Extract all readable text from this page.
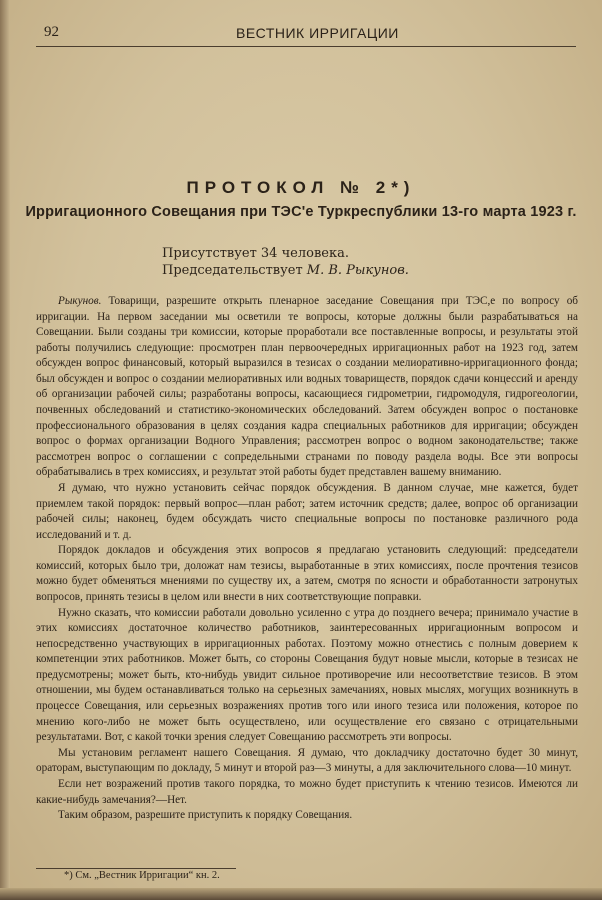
92	ВЕСТНИК ИРРИГАЦИИ
ПРОТОКОЛ № 2*)
Ирригационного Совещания при ТЭС'е Туркреспублики 13-го марта 1923 г.
Присутствует 34 человека.
Председательствует М. В. Рыкунов.

Рыкунов. Товарищи, разрешите открыть пленарное заседание Совещания при ТЭС,е по вопросу об ирригации. На первом заседании мы осветили те вопросы, которые должны были разрабатываться на Совещании. Были созданы три комиссии, которые проработали все поставленные вопросы, и результаты этой работы получились следующие: просмотрен план первоочередных ирригационных работ на 1923 год, затем обсужден вопрос финансовый, который выразился в тезисах о создании мелиоративно-ирригационного фонда; был обсужден и вопрос о создании мелиоративных или водных товариществ, порядок сдачи концессий и аренду об организации рабочей силы; разработаны вопросы, касающиеся гидрометрии, гидромодуля, гидрогеологии, почвенных обследований и статистико-экономических обследований. Затем обсужден вопрос о постановке профессионального образования в целях создания кадра специальных работников для ирригации; обсужден вопрос о формах организации Водного Управления; рассмотрен вопрос о водном законодательстве; также рассмотрен вопрос о соглашении с сопредельными странами по поводу раздела воды. Все эти вопросы обрабатывались в трех комиссиях, и результат этой работы будет представлен вашему вниманию.

Я думаю, что нужно установить сейчас порядок обсуждения. В данном случае, мне кажется, будет приемлем такой порядок: первый вопрос—план работ; затем источник средств; далее, вопрос об организации рабочей силы; наконец, будем обсуждать чисто специальные вопросы по постановке различного рода исследований и т. д.

Порядок докладов и обсуждения этих вопросов я предлагаю установить следующий: председатели комиссий, которых было три, доложат нам тезисы, выработанные в этих комиссиях, после прочтения тезисов можно будет обменяться мнениями по существу их, а затем, смотря по ясности и обработанности затронутых вопросов, принять тезисы в целом или внести в них соответствующие поправки.

Нужно сказать, что комиссии работали довольно усиленно с утра до позднего вечера; принимало участие в этих комиссиях достаточное количество работников, заинтересованных ирригационным вопросом и непосредственно участвующих в ирригационных работах. Поэтому можно отнестись с полным доверием к компетенции этих работников. Может быть, со стороны Совещания будут новые мысли, которые в тезисах не предусмотрены; может быть, кто-нибудь увидит сильное противоречие или несоответствие тезисов. В этом отношении, мы будем останавливаться только на серьезных замечаниях, новых мыслях, могущих возникнуть в процессе Совещания, или серьезных возражениях против того или иного тезиса или положения, которое по мнению кого-либо не может быть осуществлено, или осуществление его связано с отрицательными результатами. Вот, с какой точки зрения следует Совещанию рассмотреть эти вопросы.

Мы установим регламент нашего Совещания. Я думаю, что докладчику достаточно будет 30 минут, ораторам, выступающим по докладу, 5 минут и второй раз—3 минуты, а для заключительного слова—10 минут.

Если нет возражений против такого порядка, то можно будет приступить к чтению тезисов. Имеются ли какие-нибудь замечания?—Нет.

Таким образом, разрешите приступить к порядку Совещания.

*) См. „Вестник Ирригации“ кн. 2.
